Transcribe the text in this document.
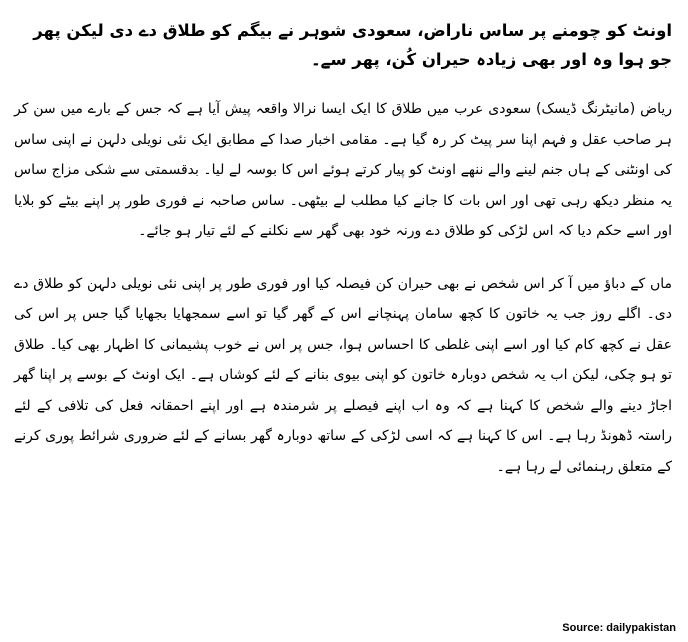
اونٹ کو چومنے پر ساس ناراض، سعودی شوہر نے بیگم کو طلاق دے دی لیکن پھر جو ہوا وہ اور بھی زیادہ حیران کُن، پھر سے۔

ریاض (مانیٹرنگ ڈیسک) سعودی عرب میں طلاق کا ایک ایسا نرالا واقعہ پیش آیا ہے کہ جس کے بارے میں سن کر ہر صاحب عقل و فہم اپنا سر پیٹ کر رہ گیا ہے۔ مقامی اخبار صدا کے مطابق ایک نئی نویلی دلہن نے اپنی ساس کی اونٹنی کے ہاں جنم لینے والے ننھے اونٹ کو پیار کرتے ہوئے اس کا بوسہ لے لیا۔ بدقسمتی سے شکی مزاج ساس یہ منظر دیکھ رہی تھی اور اس بات کا جانے کیا مطلب لے بیٹھی۔ ساس صاحبہ نے فوری طور پر اپنے بیٹے کو بلایا اور اسے حکم دیا کہ اس لڑکی کو طلاق دے ورنہ خود بھی گھر سے نکلنے کے لئے تیار ہو جائے۔

ماں کے دباؤ میں آ کر اس شخص نے بھی حیران کن فیصلہ کیا اور فوری طور پر اپنی نئی نویلی دلہن کو طلاق دے دی۔ اگلے روز جب یہ خاتون کا کچھ سامان پہنچانے اس کے گھر گیا تو اسے سمجھایا بجھایا گیا جس پر اس کی عقل نے کچھ کام کیا اور اسے اپنی غلطی کا احساس ہوا، جس پر اس نے خوب پشیمانی کا اظہار بھی کیا۔ طلاق تو ہو چکی، لیکن اب یہ شخص دوبارہ خاتون کو اپنی بیوی بنانے کے لئے کوشاں ہے۔ ایک اونٹ کے بوسے پر اپنا گھر اجاڑ دینے والے شخص کا کہنا ہے کہ وہ اب اپنے فیصلے پر شرمندہ ہے اور اپنے احمقانہ فعل کی تلافی کے لئے راستہ ڈھونڈ رہا ہے۔ اس کا کہنا ہے کہ اسی لڑکی کے ساتھ دوبارہ گھر بسانے کے لئے ضروری شرائط پوری کرنے کے متعلق رہنمائی لے رہا ہے۔

Source: dailypakistan
